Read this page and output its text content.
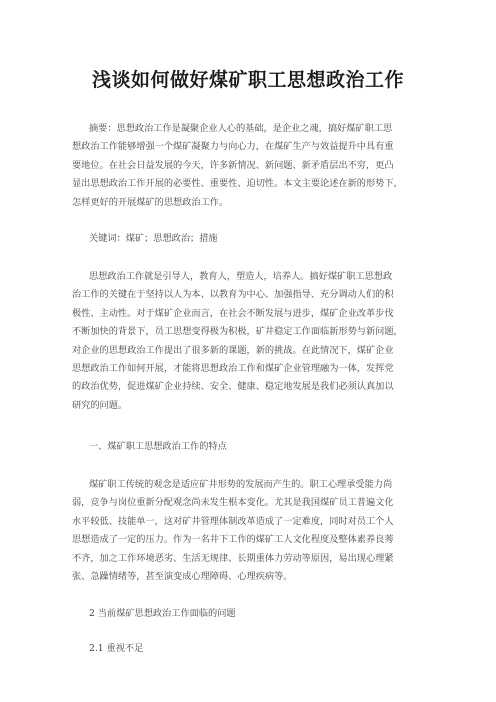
浅谈如何做好煤矿职工思想政治工作
摘要：思想政治工作是凝聚企业人心的基础，是企业之魂，搞好煤矿职工思
想政治工作能够增强一个煤矿凝聚力与向心力，在煤矿生产与效益提升中具有重
要地位。在社会日益发展的今天，许多新情况、新问题、新矛盾层出不穷，更凸
显出思想政治工作开展的必要性、重要性、迫切性。本文主要论述在新的形势下，
怎样更好的开展煤矿的思想政治工作。
关键词：煤矿；思想政治；措施
思想政治工作就是引导人，教育人，塑造人，培养人。搞好煤矿职工思想政
治工作的关键在于坚持以人为本、以教育为中心、加强指导、充分调动人们的积
极性、主动性。对于煤矿企业而言，在社会不断发展与进步，煤矿企业改革步伐
不断加快的背景下，员工思想变得极为积极，矿井稳定工作面临新形势与新问题，
对企业的思想政治工作提出了很多新的课题，新的挑战。在此情况下，煤矿企业
思想政治工作如何开展，才能将思想政治工作和煤矿企业管理融为一体，发挥党
的政治优势，促进煤矿企业持续、安全、健康、稳定地发展是我们必须认真加以
研究的问题。
一、煤矿职工思想政治工作的特点
煤矿职工传统的观念是适应矿井形势的发展而产生的。职工心理承受能力尚
弱，竞争与岗位重新分配观念尚未发生根本变化。尤其是我国煤矿员工普遍文化
水平较低、技能单一，这对矿井管理体制改革造成了一定难度，同时对员工个人
思想造成了一定的压力。作为一名井下工作的煤矿工人文化程度及整体素养良莠
不齐，加之工作环境恶劣、生活无规律、长期重体力劳动等原因，易出现心理紧
张、急躁情绪等，甚至演变成心理障碍、心理疾病等。
2 当前煤矿思想政治工作面临的问题
2.1 重视不足
